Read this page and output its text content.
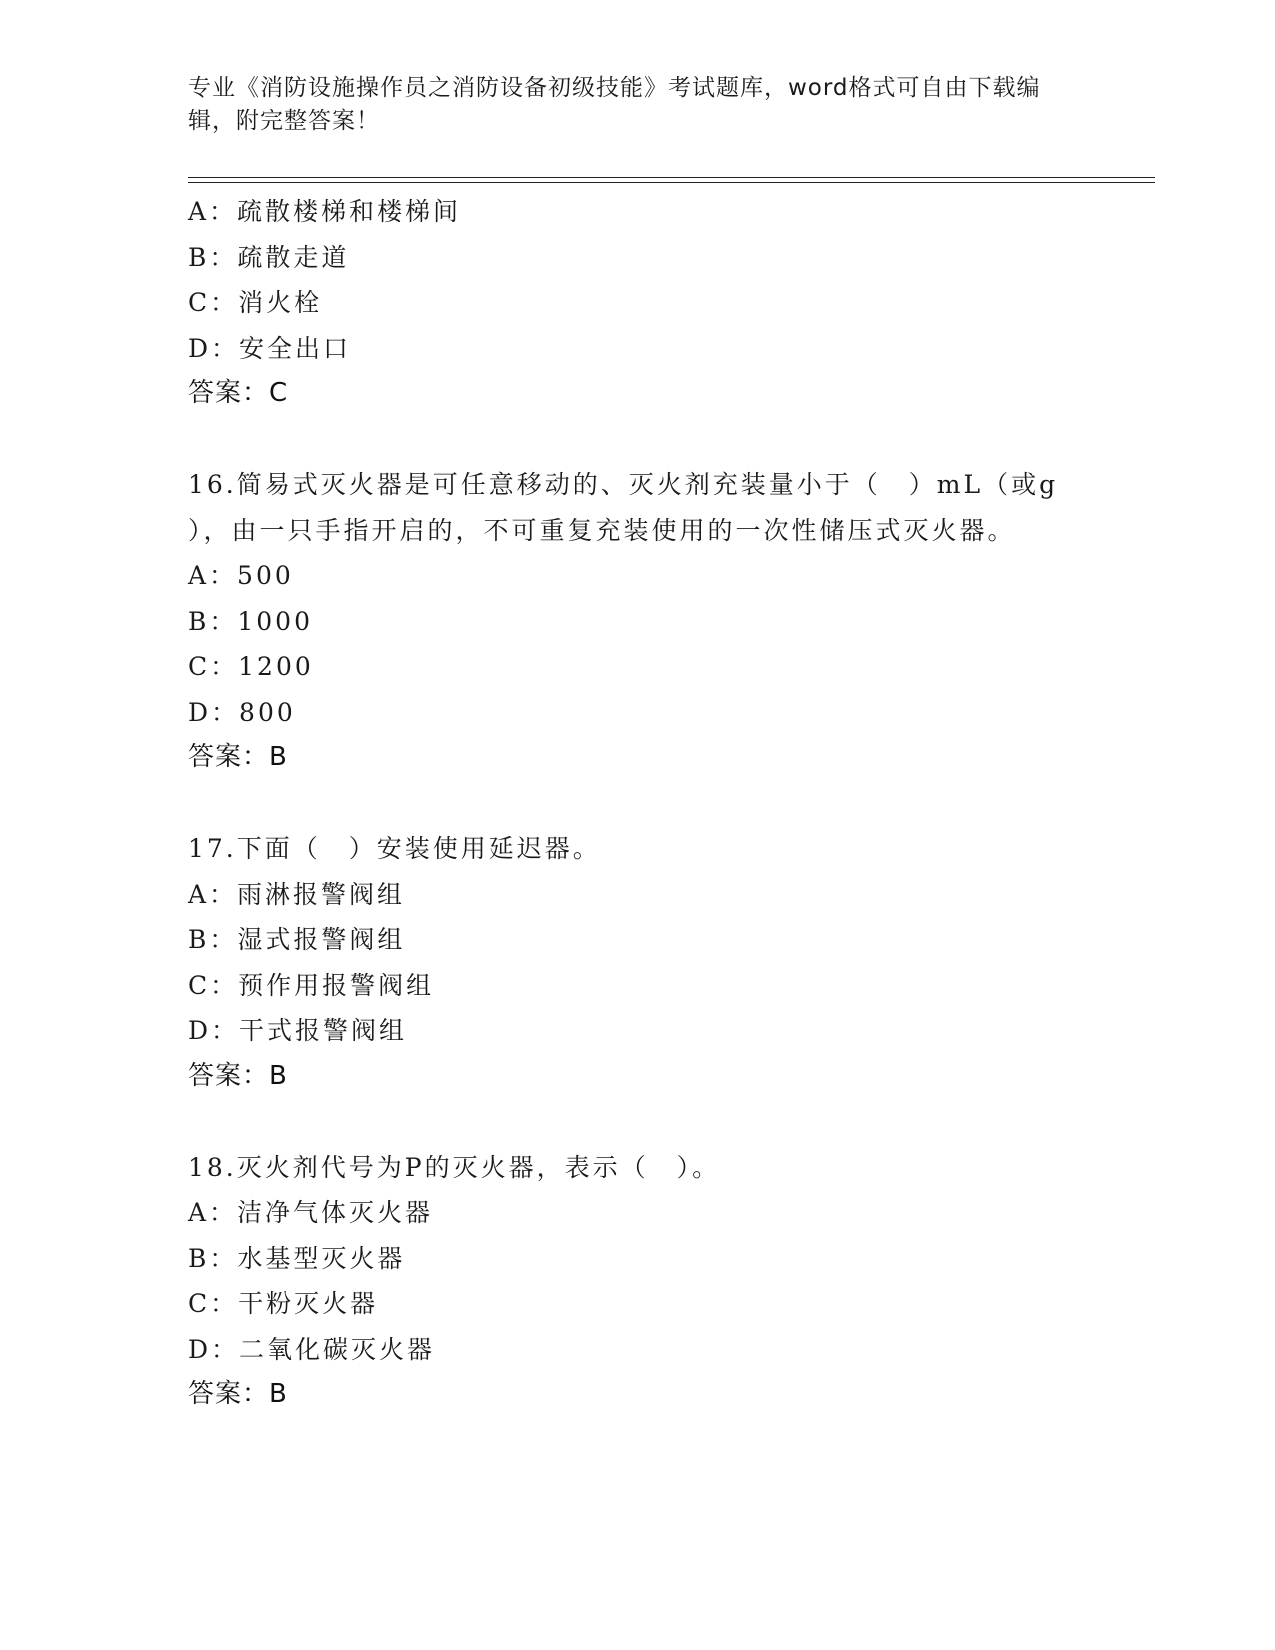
专业《消防设施操作员之消防设备初级技能》考试题库，word格式可自由下载编
辑，附完整答案！
A：疏散楼梯和楼梯间
B：疏散走道
C：消火栓
D：安全出口
答案：C
16.简易式灭火器是可任意移动的、灭火剂充装量小于（　）mL（或g
），由一只手指开启的，不可重复充装使用的一次性储压式灭火器。
A：500
B：1000
C：1200
D：800
答案：B
17.下面（　）安装使用延迟器。
A：雨淋报警阀组
B：湿式报警阀组
C：预作用报警阀组
D：干式报警阀组
答案：B
18.灭火剂代号为P的灭火器，表示（　）。
A：洁净气体灭火器
B：水基型灭火器
C：干粉灭火器
D：二氧化碳灭火器
答案：B
